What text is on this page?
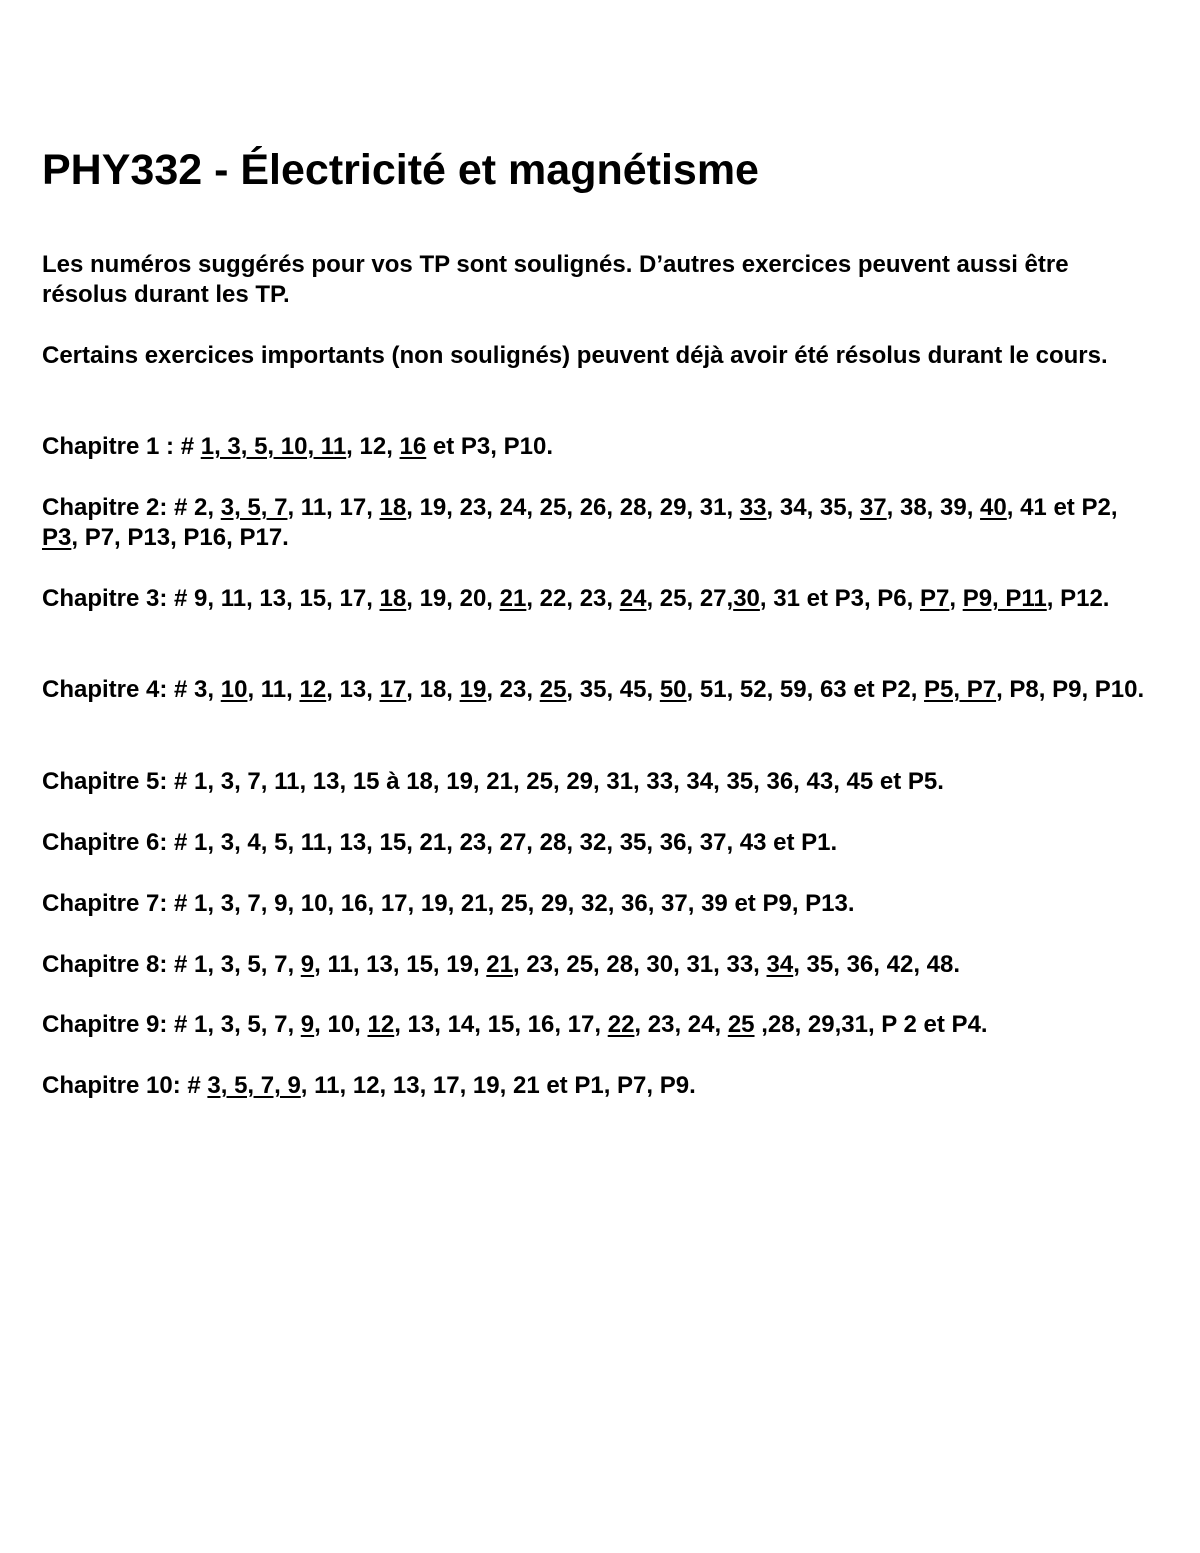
PHY332 - Électricité et magnétisme

Les numéros suggérés pour vos TP sont soulignés. D’autres exercices peuvent aussi être résolus durant les TP.

Certains exercices importants (non soulignés) peuvent déjà avoir été résolus durant le cours.

Chapitre 1 : # 1, 3, 5, 10, 11, 12, 16 et P3, P10.

Chapitre 2: # 2, 3, 5, 7, 11, 17, 18, 19, 23, 24, 25, 26, 28, 29, 31, 33, 34, 35, 37, 38, 39, 40, 41 et P2, P3, P7, P13, P16, P17.

Chapitre 3: # 9, 11, 13, 15, 17, 18, 19, 20, 21, 22, 23, 24, 25, 27,30, 31 et P3, P6, P7, P9, P11, P12.

Chapitre 4: # 3, 10, 11, 12, 13, 17, 18, 19, 23, 25, 35, 45, 50, 51, 52, 59, 63 et P2, P5, P7, P8, P9, P10.

Chapitre 5: # 1, 3, 7, 11, 13, 15 à 18, 19, 21, 25, 29, 31, 33, 34, 35, 36, 43, 45 et P5.

Chapitre 6: # 1, 3, 4, 5, 11, 13, 15, 21, 23, 27, 28, 32, 35, 36, 37, 43 et P1.

Chapitre 7: # 1, 3, 7, 9, 10, 16, 17, 19, 21, 25, 29, 32, 36, 37, 39 et P9, P13.

Chapitre 8: # 1, 3, 5, 7, 9, 11, 13, 15, 19, 21, 23, 25, 28, 30, 31, 33, 34, 35, 36, 42, 48.

Chapitre 9: # 1, 3, 5, 7, 9, 10, 12, 13, 14, 15, 16, 17, 22, 23, 24, 25 ,28, 29,31, P 2 et P4.

Chapitre 10: # 3, 5, 7, 9, 11, 12, 13, 17, 19, 21 et P1, P7, P9.
